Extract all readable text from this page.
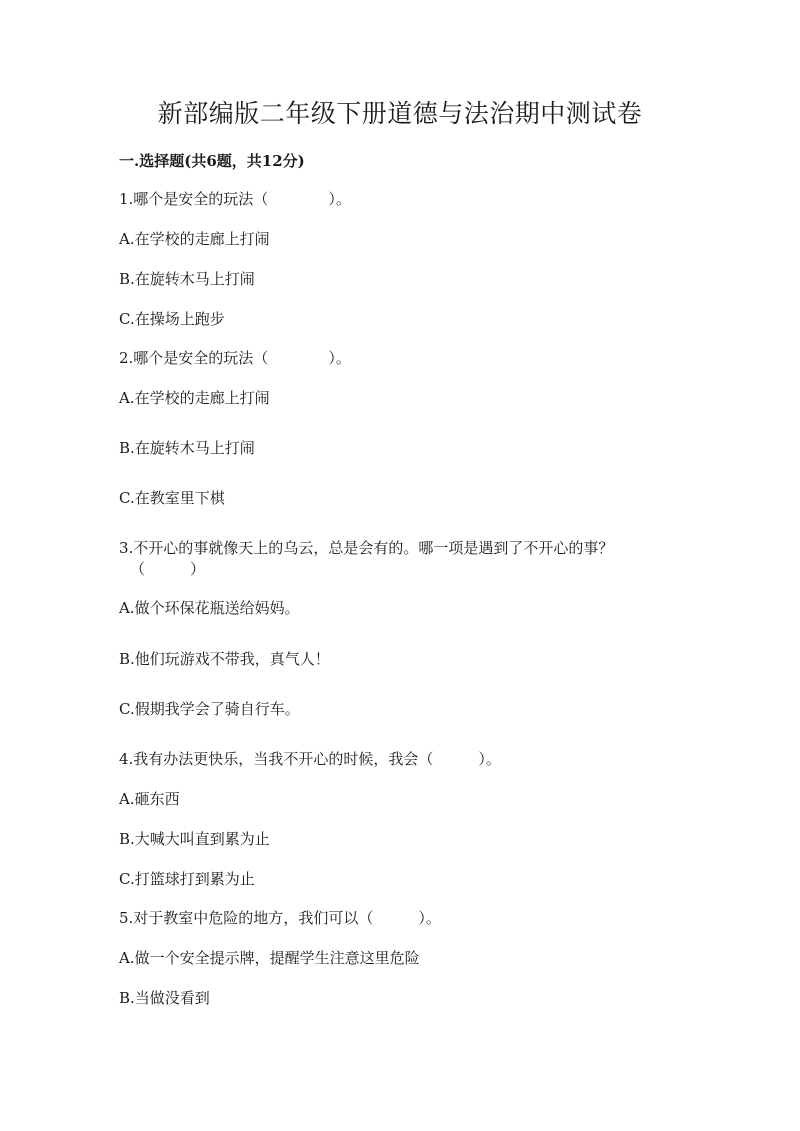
新部编版二年级下册道德与法治期中测试卷
一.选择题(共6题，共12分)
1.哪个是安全的玩法（　　　　）。
A.在学校的走廊上打闹
B.在旋转木马上打闹
C.在操场上跑步
2.哪个是安全的玩法（　　　　）。
A.在学校的走廊上打闹
B.在旋转木马上打闹
C.在教室里下棋
3.不开心的事就像天上的乌云，总是会有的。哪一项是遇到了不开心的事？
（　　　）
A.做个环保花瓶送给妈妈。
B.他们玩游戏不带我，真气人！
C.假期我学会了骑自行车。
4.我有办法更快乐，当我不开心的时候，我会（　　　）。
A.砸东西
B.大喊大叫直到累为止
C.打篮球打到累为止
5.对于教室中危险的地方，我们可以（　　　）。
A.做一个安全提示牌，提醒学生注意这里危险
B.当做没看到
